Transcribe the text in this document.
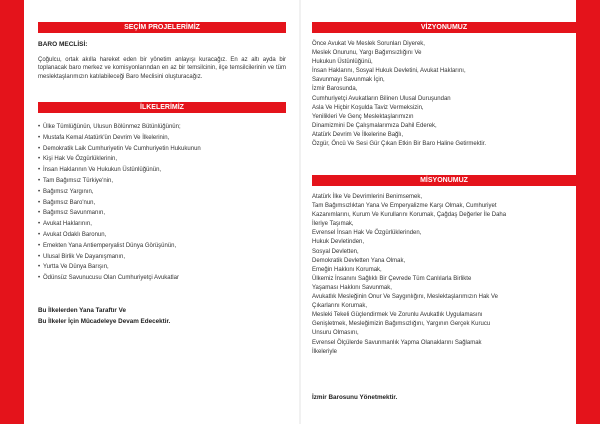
SEÇİM PROJELERİMİZ
BARO MECLİSİ:
Çoğulcu, ortak akılla hareket eden bir yönetim anlayışı kuracağız. En az altı ayda bir toplanacak baro merkez ve komisyonlarından en az bir temsilcinin, ilçe temsilcilerinin ve tüm meslektaşlarımızın katılabileceği Baro Meclisini oluşturacağız.
İLKELERİMİZ
• Ülke Tümlüğünün, Ulusun Bölünmez Bütünlüğünün;
• Mustafa Kemal Atatürk'ün Devrim Ve İlkelerinin,
• Demokratik Laik Cumhuriyetin Ve Cumhuriyetin Hukukunun
• Kişi Hak Ve Özgürlüklerinin,
• İnsan Haklarının Ve Hukukun Üstünlüğünün,
• Tam Bağımsız Türkiye'nin,
• Bağımsız Yargının,
• Bağımsız Baro'nun,
• Bağımsız Savunmanın,
• Avukat Haklarının,
• Avukat Odaklı Baronun,
• Emekten Yana Antiemperyalist Dünya Görüşünün,
• Ulusal Birlik Ve Dayanışmanın,
• Yurtta Ve Dünya Barışın,
• Ödünsüz Savunucusu Olan Cumhuriyetçi Avukatlar
Bu İlkelerden Yana Taraftır Ve
Bu İlkeler İçin Mücadeleye Devam Edecektir.
VİZYONUMUZ
Önce Avukat Ve Meslek Sorunları Diyerek,
Meslek Onurunu, Yargı Bağımsızlığını Ve
Hukukun Üstünlüğünü,
İnsan Haklarını, Sosyal Hukuk Devletini, Avukat Haklarını,
Savunmayı Savunmak İçin,
İzmir Barosunda,
Cumhuriyetçi Avukatların Bilinen Ulusal Duruşundan
Asla Ve Hiçbir Koşulda Taviz Vermeksizin,
Yenilikleri Ve Genç Meslektaşlarımızın
Dinamizmini De Çalışmalarımıza Dahil Ederek,
Atatürk Devrim Ve İlkelerine Bağlı,
Özgür, Öncü Ve Sesi Gür Çıkan Etkin Bir Baro Haline Getirmektir.
MİSYONUMUZ
Atatürk İlke Ve Devrimlerini Benimsemek,
Tam Bağımsızlıktan Yana Ve Emperyalizme Karşı Olmak, Cumhuriyet
Kazanımlarını, Kurum Ve Kurullarını Korumak, Çağdaş Değerler İle Daha
İleriye Taşımak,
Evrensel İnsan Hak Ve Özgürlüklerinden,
Hukuk Devletinden,
Sosyal Devletten,
Demokratik Devletten Yana Olmak,
Emeğin Hakkını Korumak,
Ülkemiz İnsanını Sağlıklı Bir Çevrede Tüm Canlılarla Birlikte
Yaşaması Hakkını Savunmak,
Avukatlık Mesleğinin Onur Ve Saygınlığını, Meslektaşlarımızın Hak Ve
Çıkarlarını Korumak,
Mesleki Tekeli Güçlendirmek Ve Zorunlu Avukatlık Uygulamasını
Genişletmek, Mesleğimizin Bağımsızlığını, Yargının Gerçek Kurucu
Unsuru Olmasını,
Evrensel Ölçülerde Savunmanlık Yapma Olanaklarını Sağlamak
İlkeleriyle
İzmir Barosunu Yönetmektir.
